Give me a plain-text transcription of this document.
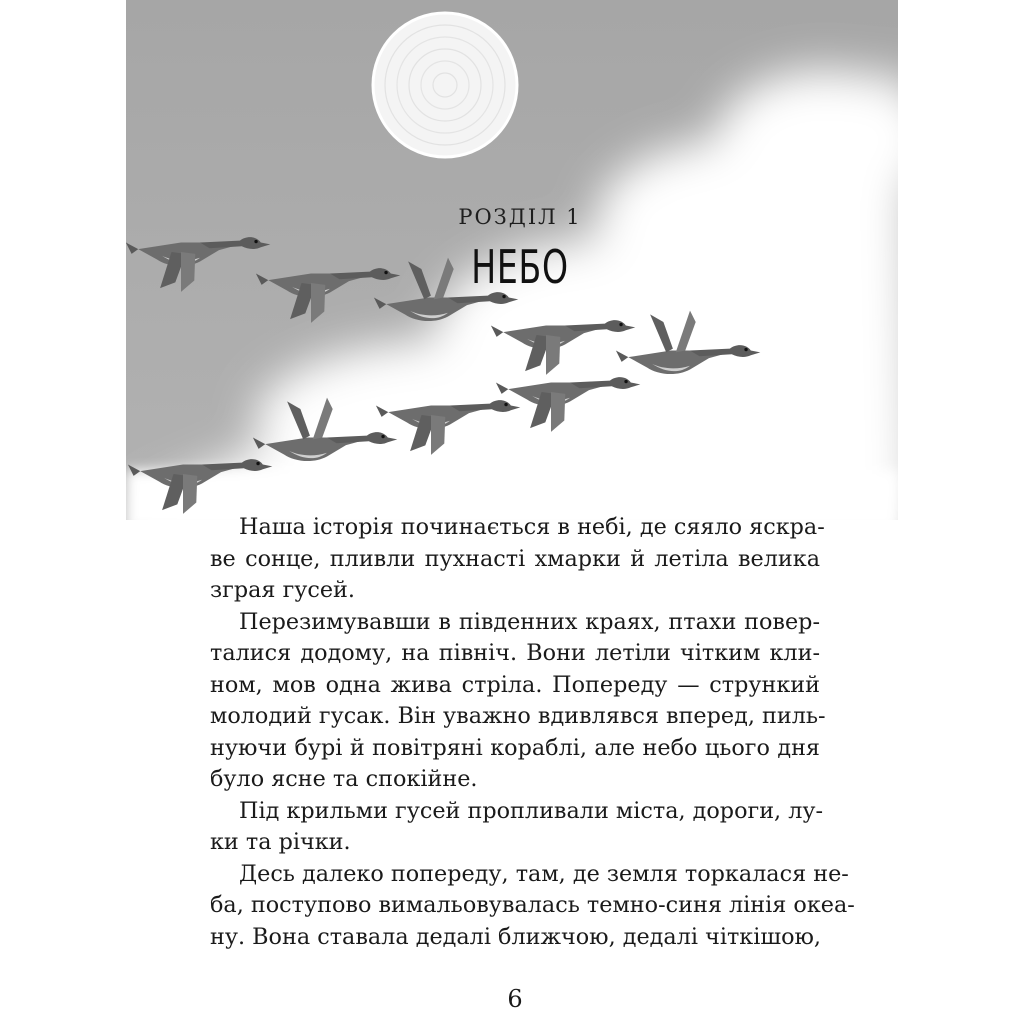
РОЗДІЛ 1
НЕБО
Наша історія починається в небі, де сяяло яскра-
ве сонце, пливли пухнасті хмарки й летіла велика
зграя гусей.
Перезимувавши в південних краях, птахи повер-
талися додому, на північ. Вони летіли чітким кли-
ном, мов одна жива стріла. Попереду — стрункий
молодий гусак. Він уважно вдивлявся вперед, пиль-
нуючи бурі й повітряні кораблі, але небо цього дня
було ясне та спокійне.
Під крильми гусей пропливали міста, дороги, лу-
ки та річки.
Десь далеко попереду, там, де земля торкалася не-
ба, поступово вимальовувалась темно-синя лінія океа-
ну. Вона ставала дедалі ближчою, дедалі чіткішою,
6
